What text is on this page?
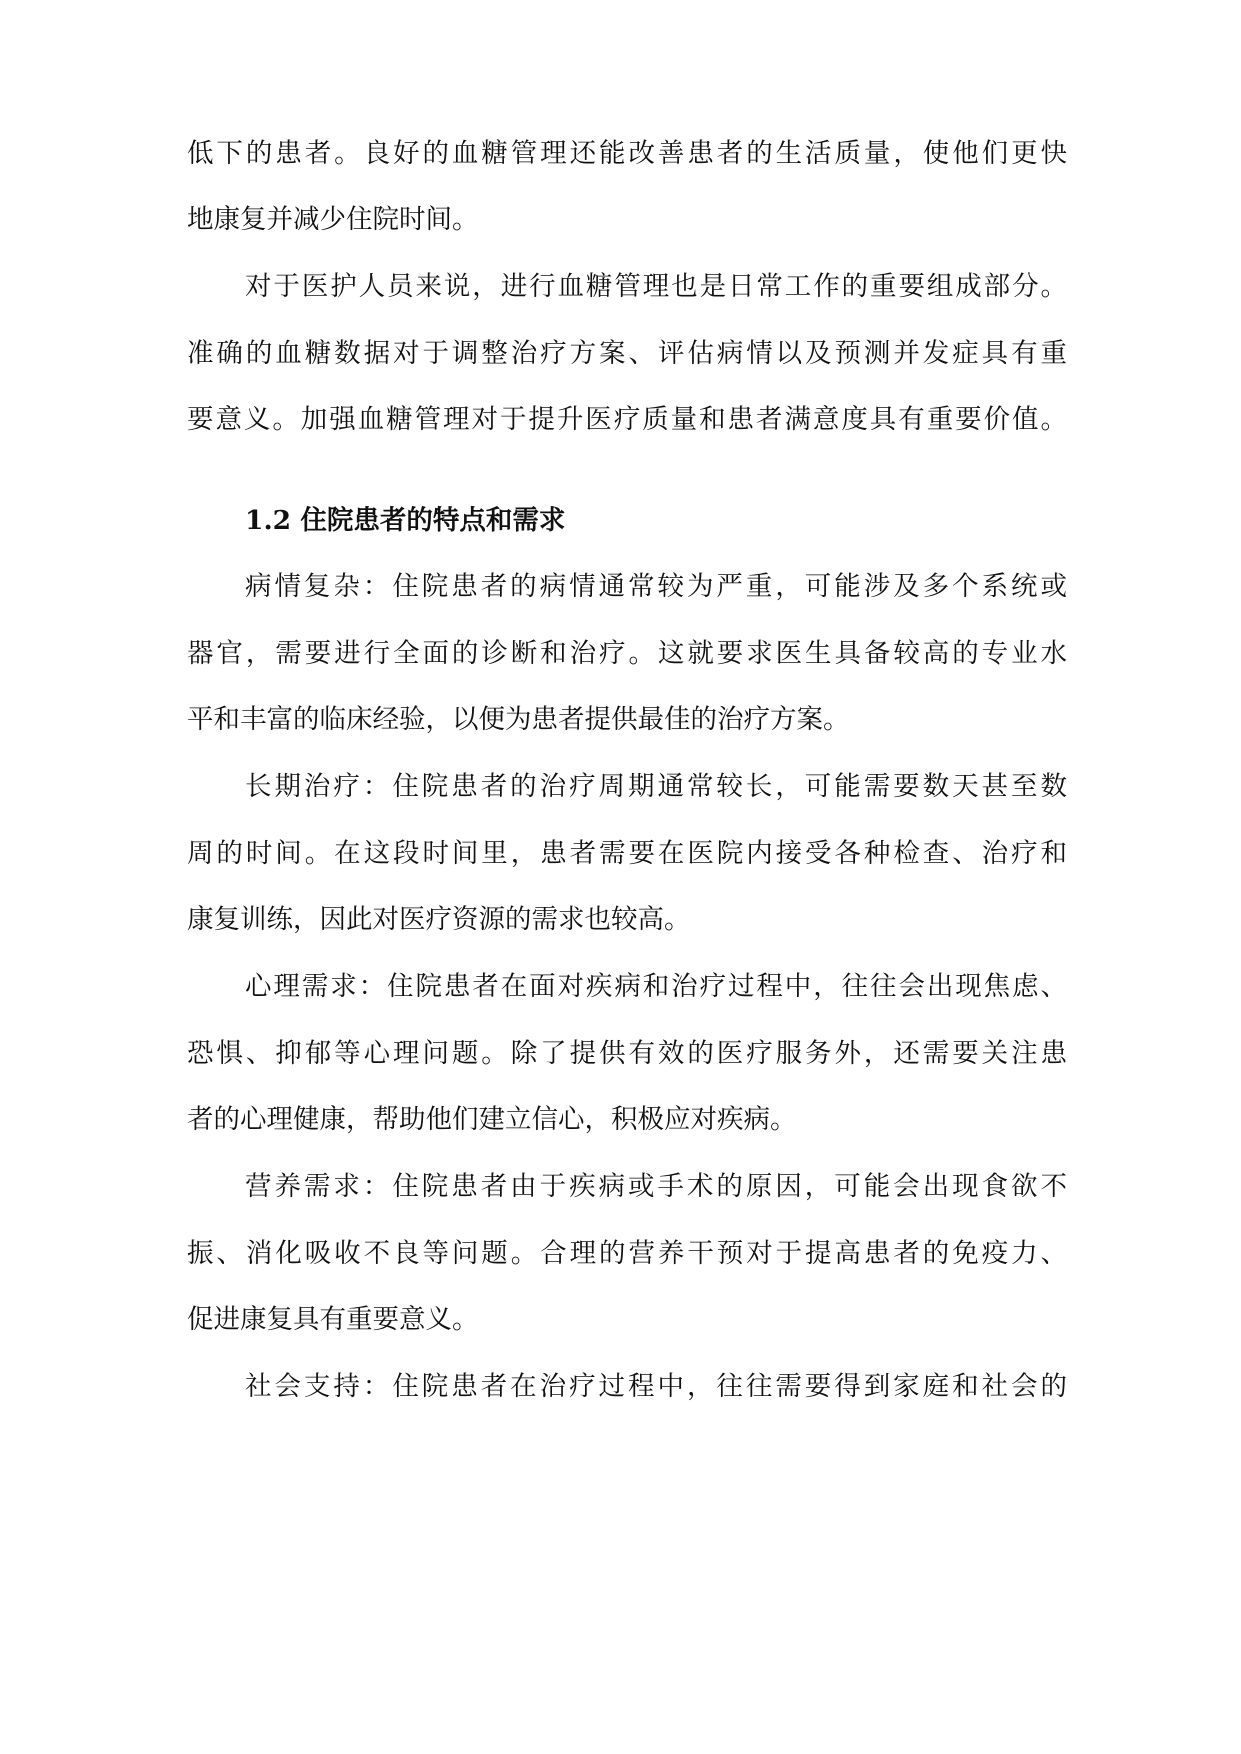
低下的患者。良好的血糖管理还能改善患者的生活质量，使他们更快
地康复并减少住院时间。
对于医护人员来说，进行血糖管理也是日常工作的重要组成部分。
准确的血糖数据对于调整治疗方案、评估病情以及预测并发症具有重
要意义。加强血糖管理对于提升医疗质量和患者满意度具有重要价值。
1.2 住院患者的特点和需求
病情复杂：住院患者的病情通常较为严重，可能涉及多个系统或
器官，需要进行全面的诊断和治疗。这就要求医生具备较高的专业水
平和丰富的临床经验，以便为患者提供最佳的治疗方案。
长期治疗：住院患者的治疗周期通常较长，可能需要数天甚至数
周的时间。在这段时间里，患者需要在医院内接受各种检查、治疗和
康复训练，因此对医疗资源的需求也较高。
心理需求：住院患者在面对疾病和治疗过程中，往往会出现焦虑、
恐惧、抑郁等心理问题。除了提供有效的医疗服务外，还需要关注患
者的心理健康，帮助他们建立信心，积极应对疾病。
营养需求：住院患者由于疾病或手术的原因，可能会出现食欲不
振、消化吸收不良等问题。合理的营养干预对于提高患者的免疫力、
促进康复具有重要意义。
社会支持：住院患者在治疗过程中，往往需要得到家庭和社会的
